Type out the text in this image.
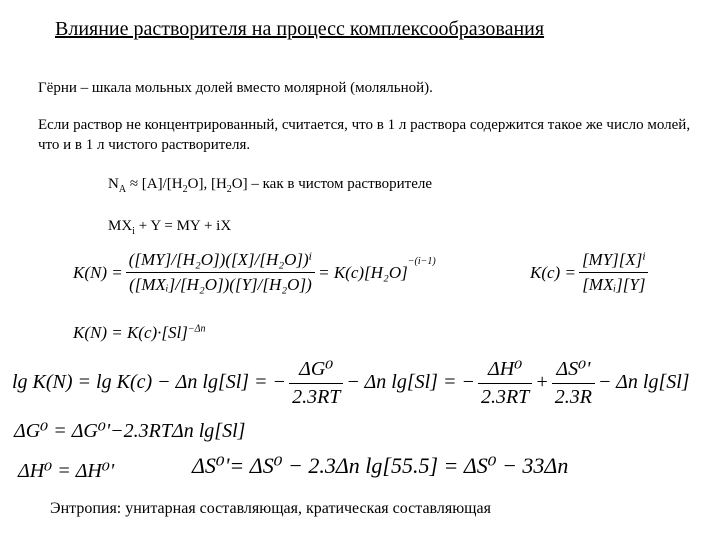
Влияние растворителя на процесс комплексообразования
Гёрни – шкала мольных долей вместо молярной (моляльной).
Если раствор не концентрированный, считается, что в 1 л раствора содержится такое же число молей, что и в 1 л чистого растворителя.
$N_A \approx [A]/[H_2O]$, $[H_2O]$ – как в чистом растворителе
$MX_i + Y$ = MY + iX
$K(N) = \frac{\text{([MY]/[H₂O])([X]/[H₂O])ⁱ}}{\text{([MXᵢ]/[H₂O])([Y]/[H₂O])}} = K(c)[H_2O]$
$^{-(i-1)}$
$K(c) = \frac{\text{[MY][X]ⁱ}}{\text{[MXᵢ][Y]}}$
$K(N) = K(c)\cdot[Sl]^{-\Delta n}$
lg K(N) = lg K(c) − Δn lg[Sl] = − $\frac{\text{ΔG⁰}}{2.3RT} - \Delta n$ lg[Sl] = − $\frac{\text{ΔH⁰}}{2.3RT} + \frac{\text{ΔS⁰'}}{2.3R} - \Delta n$ lg[Sl]
ΔG⁰ = ΔG⁰'−2.3RTΔn lg[Sl]
ΔH⁰ = ΔH⁰'	ΔS⁰'= ΔS⁰ − 2.3Δn lg[55.5] = ΔS⁰ − 33Δn
Энтропия: унитарная составляющая, кратическая составляющая
